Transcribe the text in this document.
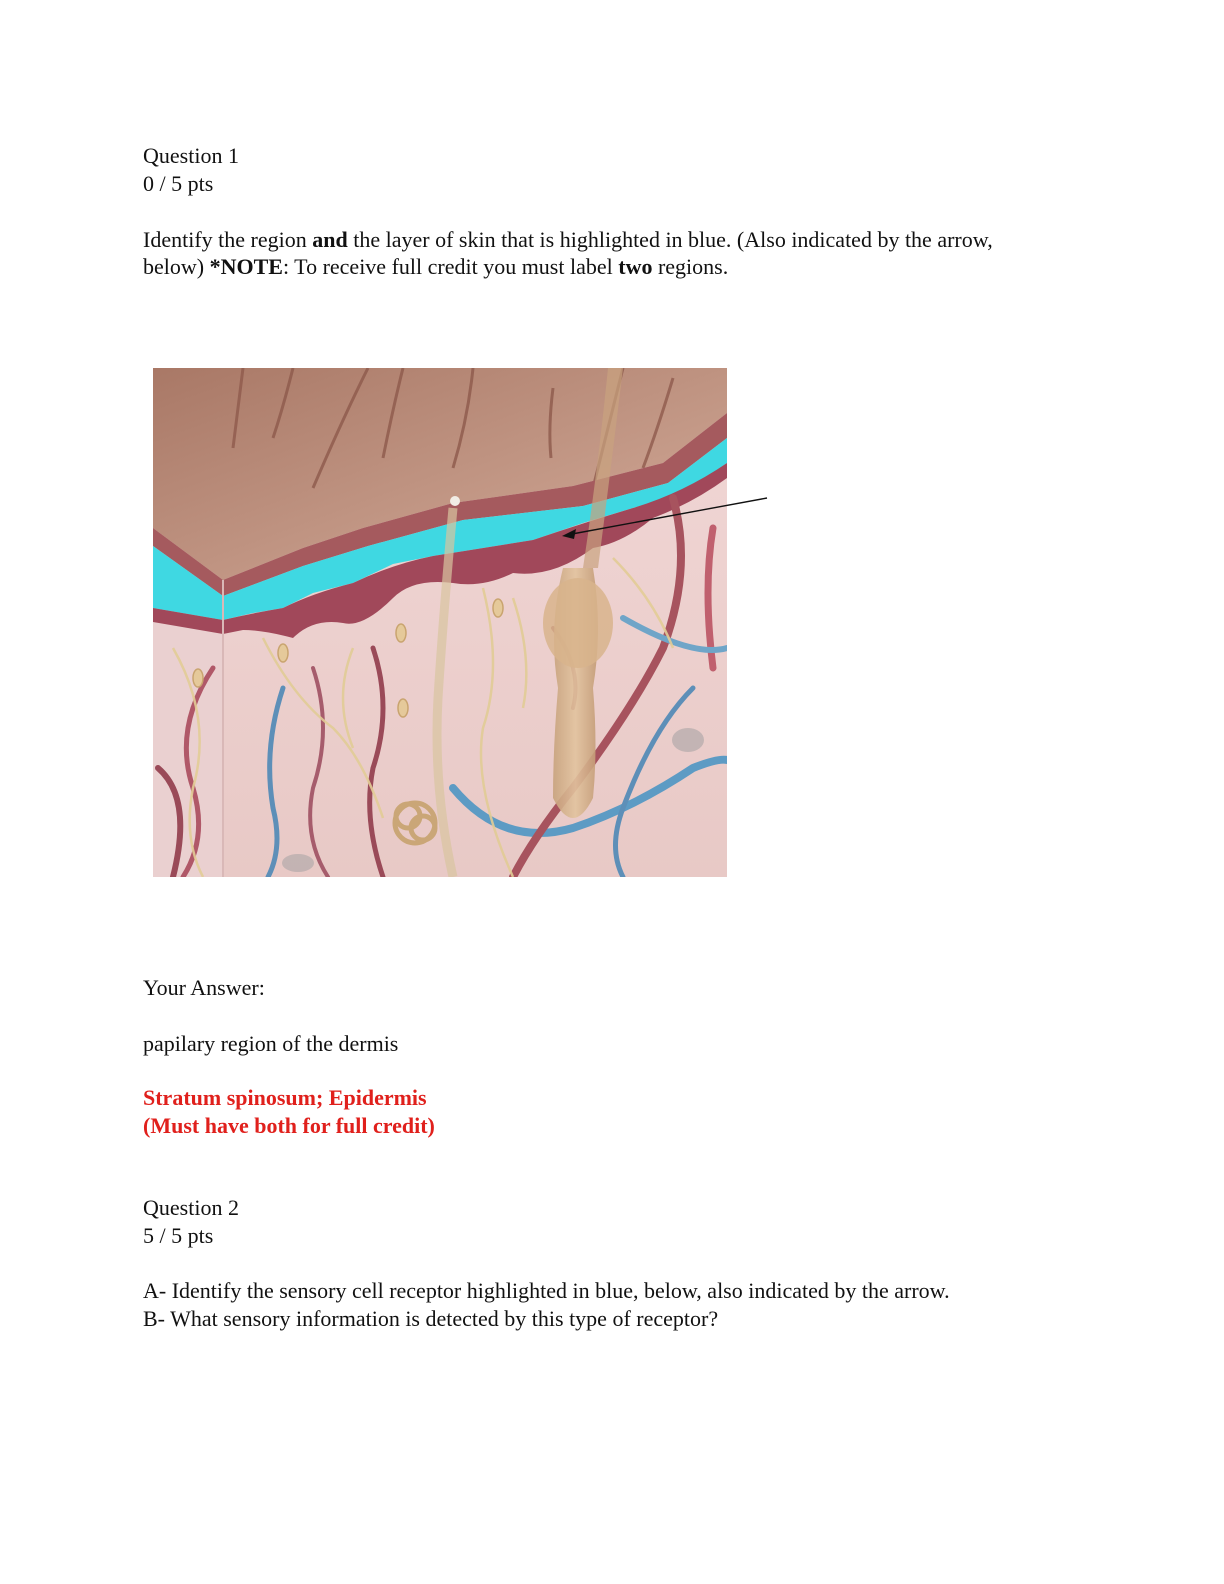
Question 1
0 / 5 pts
Identify the region and the layer of skin that is highlighted in blue. (Also indicated by the arrow,
below) *NOTE: To receive full credit you must label two regions.
Your Answer:
papilary region of the dermis
Stratum spinosum; Epidermis
(Must have both for full credit)
Question 2
5 / 5 pts
A- Identify the sensory cell receptor highlighted in blue, below, also indicated by the arrow.
B- What sensory information is detected by this type of receptor?
